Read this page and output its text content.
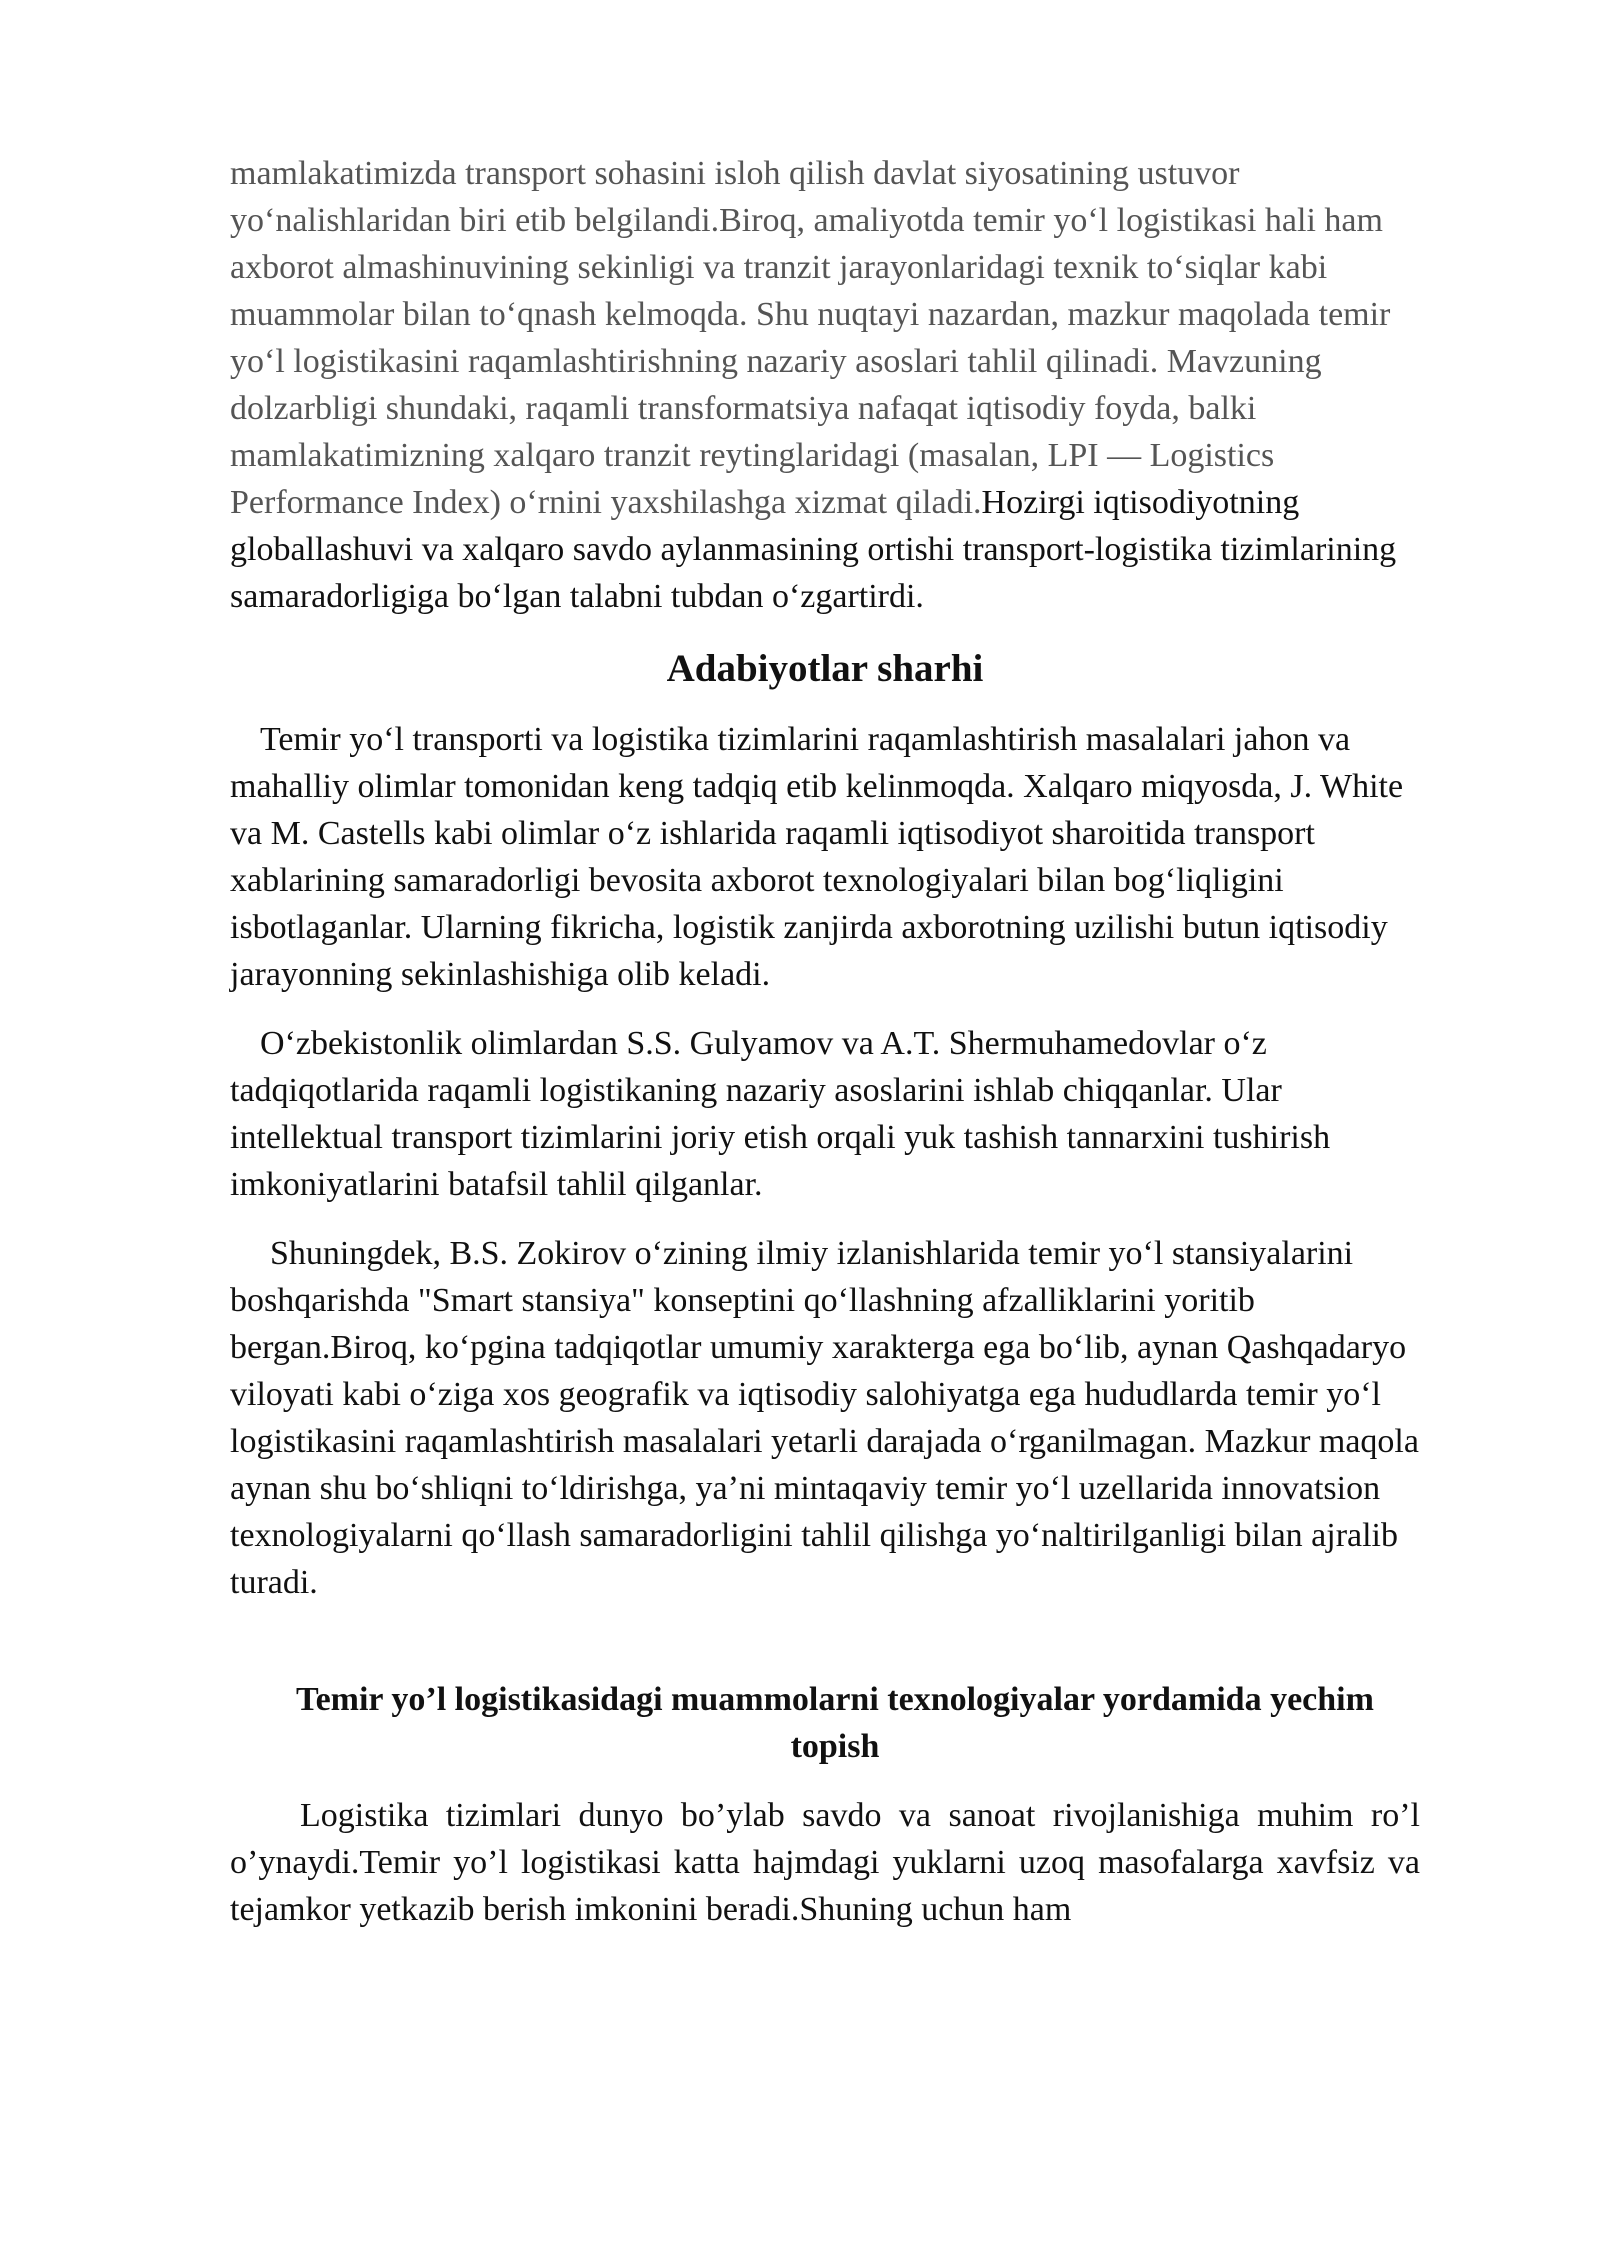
mamlakatimizda transport sohasini isloh qilish davlat siyosatining ustuvor yoʻnalishlaridan biri etib belgilandi.Biroq, amaliyotda temir yoʻl logistikasi hali ham axborot almashinuvining sekinligi va tranzit jarayonlaridagi texnik toʻsiqlar kabi muammolar bilan toʻqnash kelmoqda. Shu nuqtayi nazardan, mazkur maqolada temir yoʻl logistikasini raqamlashtirishning nazariy asoslari tahlil qilinadi. Mavzuning dolzarbligi shundaki, raqamli transformatsiya nafaqat iqtisodiy foyda, balki mamlakatimizning xalqaro tranzit reytinglaridagi (masalan, LPI — Logistics Performance Index) oʻrnini yaxshilashga xizmat qiladi.Hozirgi iqtisodiyotning globallashuvi va xalqaro savdo aylanmasining ortishi transport-logistika tizimlarining samaradorligiga boʻlgan talabni tubdan oʻzgartirdi.

Adabiyotlar sharhi

Temir yoʻl transporti va logistika tizimlarini raqamlashtirish masalalari jahon va mahalliy olimlar tomonidan keng tadqiq etib kelinmoqda. Xalqaro miqyosda, J. White va M. Castells kabi olimlar oʻz ishlarida raqamli iqtisodiyot sharoitida transport xablarining samaradorligi bevosita axborot texnologiyalari bilan bogʻliqligini isbotlaganlar. Ularning fikricha, logistik zanjirda axborotning uzilishi butun iqtisodiy jarayonning sekinlashishiga olib keladi.

Oʻzbekistonlik olimlardan S.S. Gulyamov va A.T. Shermuhamedovlar oʻz tadqiqotlarida raqamli logistikaning nazariy asoslarini ishlab chiqqanlar. Ular intellektual transport tizimlarini joriy etish orqali yuk tashish tannarxini tushirish imkoniyatlarini batafsil tahlil qilganlar.

Shuningdek, B.S. Zokirov oʻzining ilmiy izlanishlarida temir yoʻl stansiyalarini boshqarishda "Smart stansiya" konseptini qoʻllashning afzalliklarini yoritib bergan.Biroq, koʻpgina tadqiqotlar umumiy xarakterga ega boʻlib, aynan Qashqadaryo viloyati kabi oʻziga xos geografik va iqtisodiy salohiyatga ega hududlarda temir yoʻl logistikasini raqamlashtirish masalalari yetarli darajada oʻrganilmagan. Mazkur maqola aynan shu boʻshliqni toʻldirishga, yaʼni mintaqaviy temir yoʻl uzellarida innovatsion texnologiyalarni qoʻllash samaradorligini tahlil qilishga yoʻnaltirilganligi bilan ajralib turadi.

Temir yo’l logistikasidagi muammolarni texnologiyalar yordamida yechim topish

Logistika tizimlari dunyo bo’ylab savdo va sanoat rivojlanishiga muhim ro’l o’ynaydi.Temir yo’l logistikasi katta hajmdagi yuklarni uzoq masofalarga xavfsiz va tejamkor yetkazib berish imkonini beradi.Shuning uchun ham
